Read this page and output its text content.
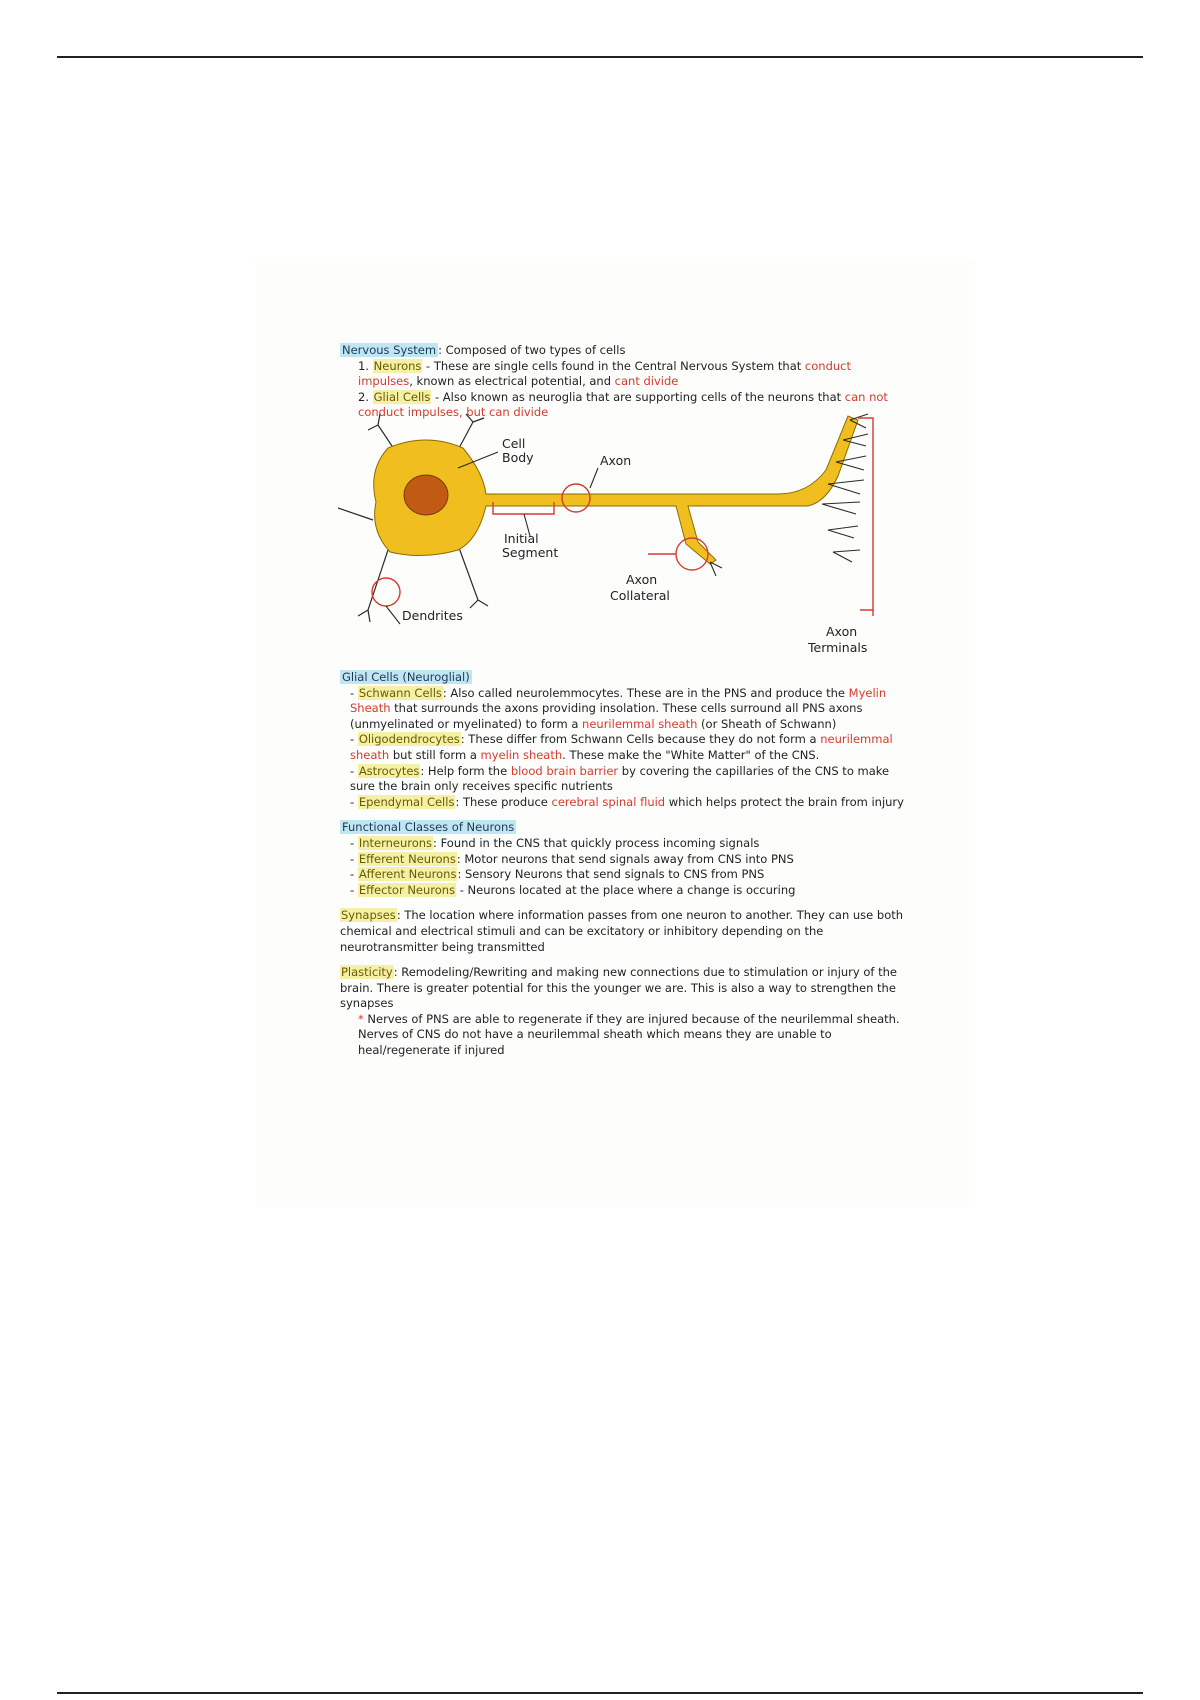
Nervous System : Composed of two types of cells

1. Neurons - These are single cells found in the Central Nervous System that conduct impulses, known as electrical potential, and cant divide

2. Glial Cells - Also known as neuroglia that are supporting cells of the neurons that can not conduct impulses, but can divide

Cell
Body	Axon
Initial
Segment
Axon
Collateral
Dendrites
Axon
Terminals

Glial Cells (Neuroglial)

- Schwann Cells: Also called neurolemmocytes. These are in the PNS and produce the Myelin Sheath that surrounds the axons providing insolation. These cells surround all PNS axons (unmyelinated or myelinated) to form a neurilemmal sheath (or Sheath of Schwann)

- Oligodendrocytes: These differ from Schwann Cells because they do not form a neurilemmal sheath but still form a myelin sheath. These make the "White Matter" of the CNS.

- Astrocytes: Help form the blood brain barrier by covering the capillaries of the CNS to make sure the brain only receives specific nutrients

- Ependymal Cells: These produce cerebral spinal fluid which helps protect the brain from injury

Functional Classes of Neurons

- Interneurons: Found in the CNS that quickly process incoming signals

- Efferent Neurons: Motor neurons that send signals away from CNS into PNS

- Afferent Neurons: Sensory Neurons that send signals to CNS from PNS

- Effector Neurons - Neurons located at the place where a change is occuring

Synapses: The location where information passes from one neuron to another. They can use both chemical and electrical stimuli and can be excitatory or inhibitory depending on the neurotransmitter being transmitted

Plasticity: Remodeling/Rewriting and making new connections due to stimulation or injury of the brain. There is greater potential for this the younger we are. This is also a way to strengthen the synapses

* Nerves of PNS are able to regenerate if they are injured because of the neurilemmal sheath. Nerves of CNS do not have a neurilemmal sheath which means they are unable to heal/regenerate if injured
